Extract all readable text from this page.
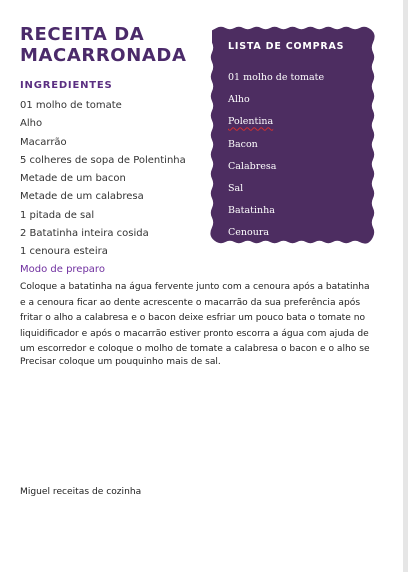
RECEITA DA MACARRONADA
INGREDIENTES
01 molho de tomate
Alho
Macarrão
5 colheres de sopa de Polentinha
Metade de um bacon
Metade de um calabresa
1 pitada de sal
2 Batatinha inteira cosida
1 cenoura esteira
Modo de preparo

Coloque a batatinha na água fervente junto com a cenoura após a batatinha e a cenoura ficar ao dente acrescente o macarrão da sua preferência após fritar o alho a calabresa e o bacon deixe esfriar um pouco bata o tomate no liquidificador e após o macarrão estiver pronto escorra a água com ajuda de um escorredor e coloque o molho de tomate a calabresa o bacon e o alho se

Precisar coloque um pouquinho mais de sal.

Miguel receitas de cozinha
LISTA DE COMPRAS
01 molho de tomate
Alho
Polentina
Bacon
Calabresa
Sal
Batatinha
Cenoura
